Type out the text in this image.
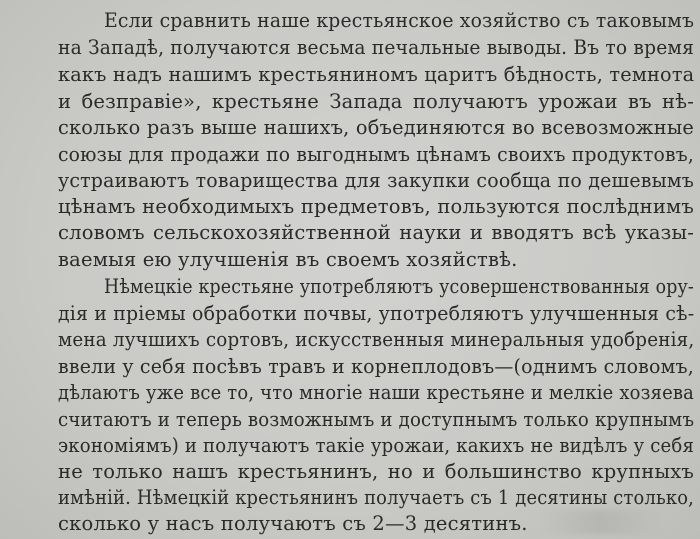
Если сравнить наше крестьянское хозяйство съ таковымъ

на Западѣ, получаются весьма печальные выводы. Въ то время

какъ надъ нашимъ крестьяниномъ царитъ бѣдность, темнота

и безправіе», крестьяне Запада получаютъ урожаи въ нѣ-

сколько разъ выше нашихъ, объединяются во всевозможные

союзы для продажи по выгоднымъ цѣнамъ своихъ продуктовъ,

устраиваютъ товарищества для закупки сообща по дешевымъ

цѣнамъ необходимыхъ предметовъ, пользуются послѣднимъ

словомъ сельскохозяйственной науки и вводятъ всѣ указы-

ваемыя ею улучшенія въ своемъ хозяйствѣ.

Нѣмецкіе крестьяне употребляютъ усовершенствованныя ору-

дія и пріемы обработки почвы, употребляютъ улучшенныя сѣ-

мена лучшихъ сортовъ, искусственныя минеральныя удобренія,

ввели у себя посѣвъ травъ и корнеплодовъ—(однимъ словомъ,

дѣлаютъ уже все то, что многіе наши крестьяне и мелкіе хозяева

считаютъ и теперь возможнымъ и доступнымъ только крупнымъ

экономіямъ) и получаютъ такіе урожаи, какихъ не видѣлъ у себя

не только нашъ крестьянинъ, но и большинство крупныхъ

имѣній. Нѣмецкій крестьянинъ получаетъ съ 1 десятины столько,

сколько у насъ получаютъ съ 2—3 десятинъ.
